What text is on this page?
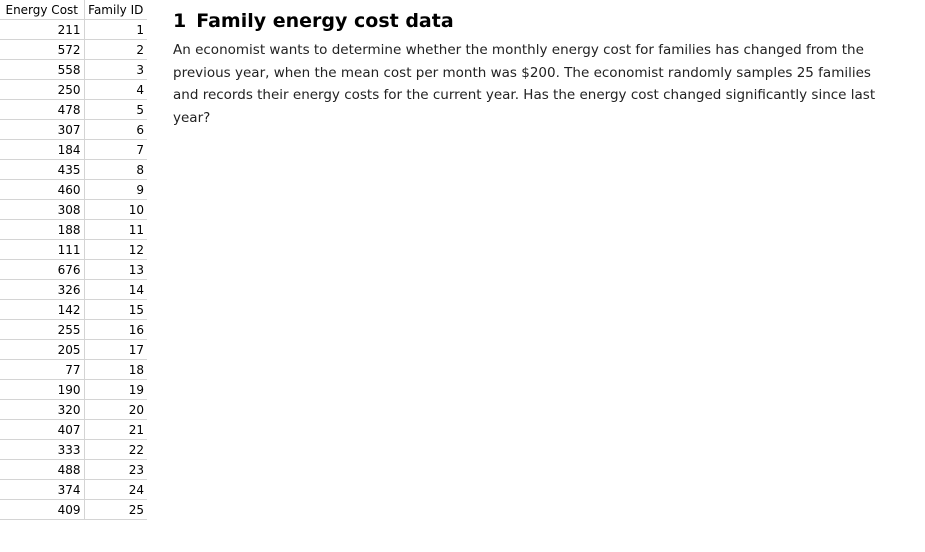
Energy Cost	Family ID
211	1
572	2
558	3
250	4
478	5
307	6
184	7
435	8
460	9
308	10
188	11
111	12
676	13
326	14
142	15
255	16
205	17
77	18
190	19
320	20
407	21
333	22
488	23
374	24
409	25
1 Family energy cost data

An economist wants to determine whether the monthly energy cost for families has changed from the previous year, when the mean cost per month was $200. The economist randomly samples 25 families and records their energy costs for the current year. Has the energy cost changed significantly since last year?
